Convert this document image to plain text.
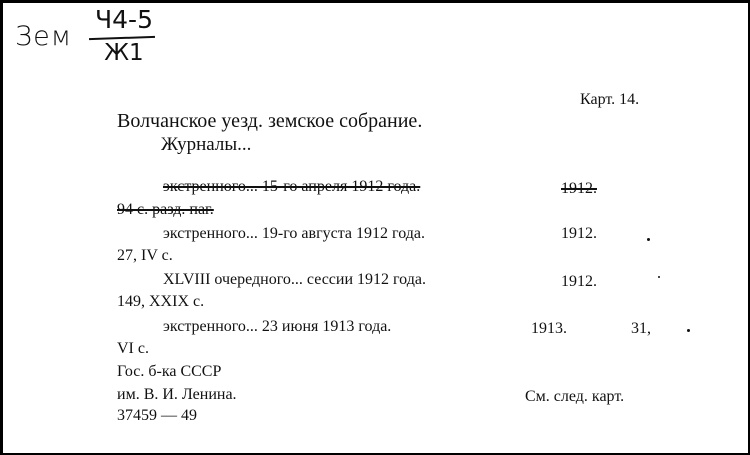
Зем
Ч4-5
Ж1
Карт. 14.
Волчанское уезд. земское собрание.
Журналы...
экстренного... 15-го апреля 1912 года.	1912.
94 с. разд. паг.
экстренного... 19-го августа 1912 года.	1912.
27, IV с.
XLVIII очередного... сессии 1912 года.	1912.
149, XXIX с.
экстренного... 23 июня 1913 года.	1913.	31,
VI с.
Гос. б-ка СССР
им. В. И. Ленина.
37459 — 49
См. след. карт.
